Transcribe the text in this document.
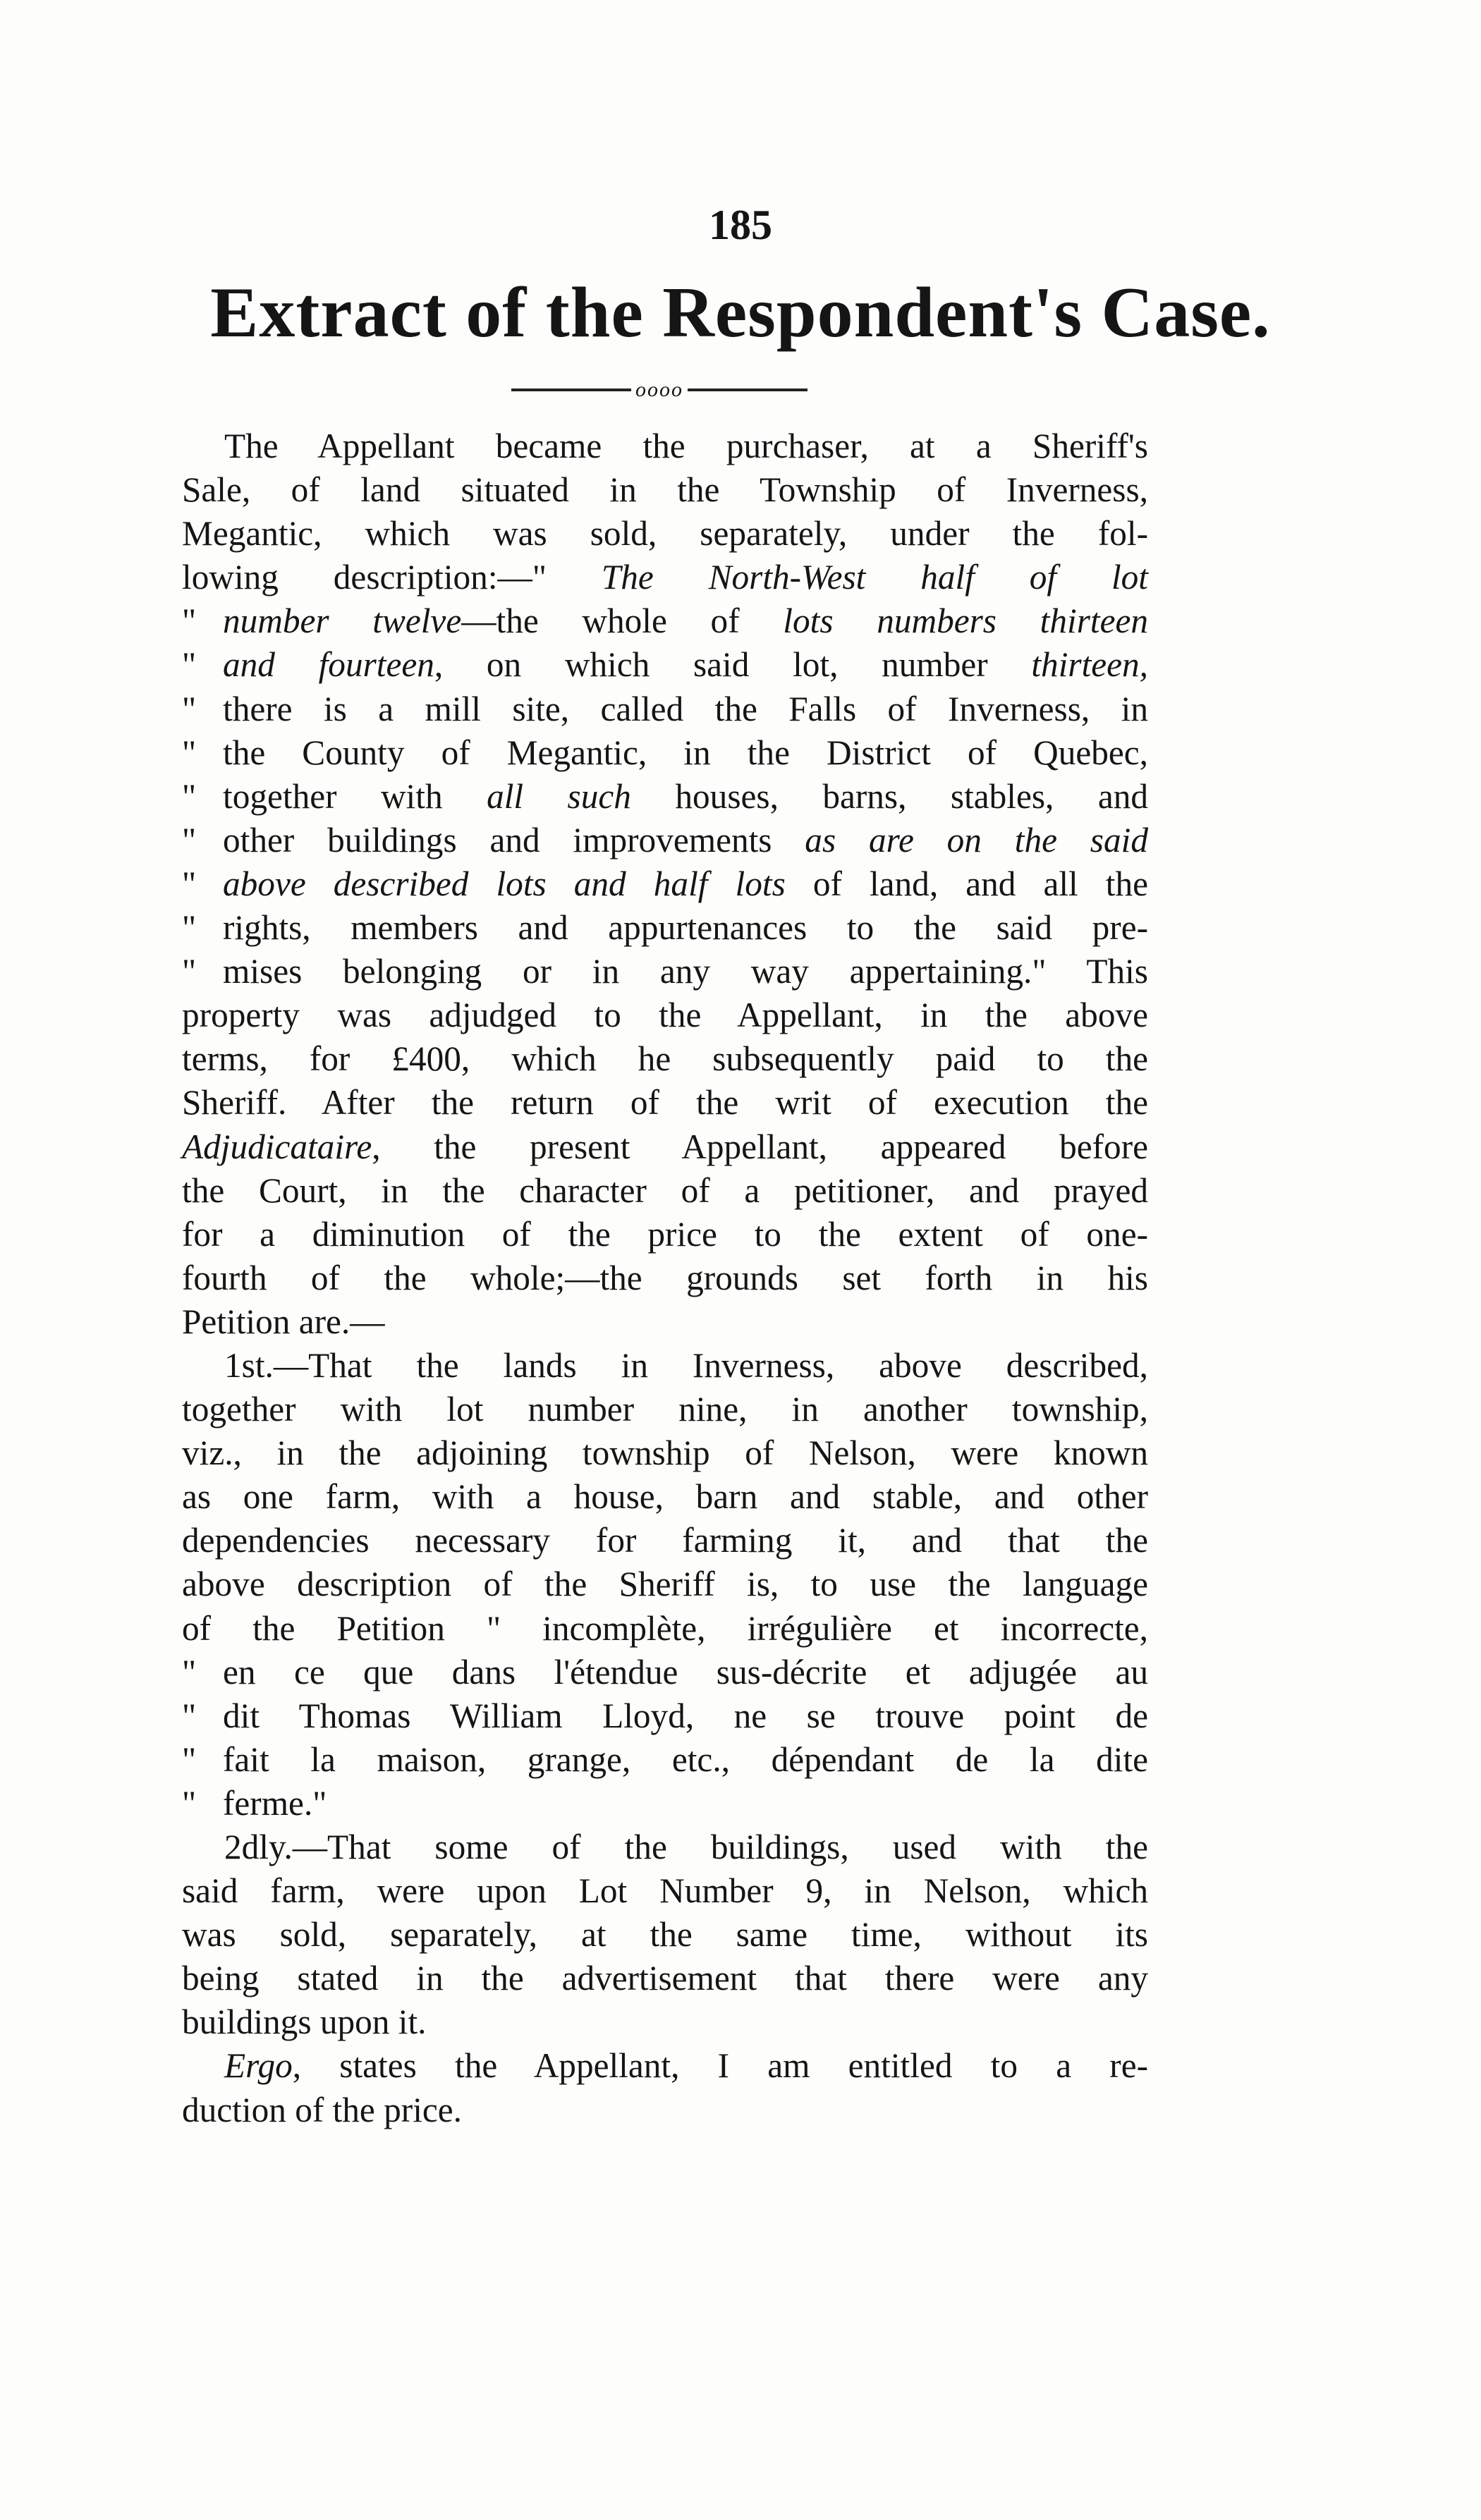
185
Extract of the Respondent's Case.
oooo
The Appellant became the purchaser, at a Sheriff's
Sale, of land situated in the Township of Inverness,
Megantic, which was sold, separately, under the fol-
lowing description:—" The North-West half of lot
" number twelve—the whole of lots numbers thirteen
" and fourteen, on which said lot, number thirteen,
" there is a mill site, called the Falls of Inverness, in
" the County of Megantic, in the District of Quebec,
" together with all such houses, barns, stables, and
" other buildings and improvements as are on the said
" above described lots and half lots of land, and all the
" rights, members and appurtenances to the said pre-
" mises belonging or in any way appertaining." This
property was adjudged to the Appellant, in the above
terms, for £400, which he subsequently paid to the
Sheriff. After the return of the writ of execution the
Adjudicataire, the present Appellant, appeared before
the Court, in the character of a petitioner, and prayed
for a diminution of the price to the extent of one-
fourth of the whole;—the grounds set forth in his
Petition are.—
1st.—That the lands in Inverness, above described,
together with lot number nine, in another township,
viz., in the adjoining township of Nelson, were known
as one farm, with a house, barn and stable, and other
dependencies necessary for farming it, and that the
above description of the Sheriff is, to use the language
of the Petition " incomplète, irrégulière et incorrecte,
" en ce que dans l'étendue sus-décrite et adjugée au
" dit Thomas William Lloyd, ne se trouve point de
" fait la maison, grange, etc., dépendant de la dite
" ferme."
2dly.—That some of the buildings, used with the
said farm, were upon Lot Number 9, in Nelson, which
was sold, separately, at the same time, without its
being stated in the advertisement that there were any
buildings upon it.
Ergo, states the Appellant, I am entitled to a re-
duction of the price.
